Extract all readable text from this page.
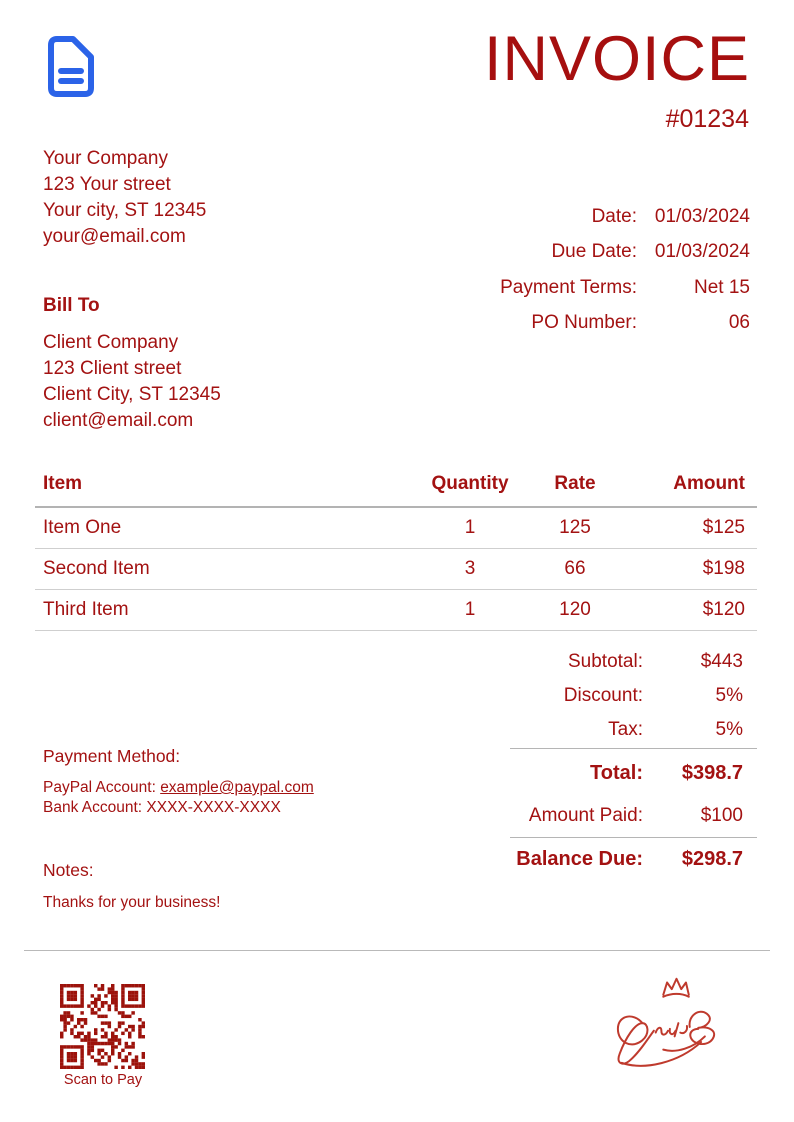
INVOICE
#01234
Your Company
123 Your street
Your city, ST 12345
your@email.com
Bill To
Client Company
123 Client street
Client City, ST 12345
client@email.com
Date: 01/03/2024
Due Date: 01/03/2024
Payment Terms:	Net 15
PO Number:	06
Item	Quantity	Rate	Amount
Item One	1	125	$125
Second Item	3	66	$198
Third Item	1	120	$120
Subtotal:	$443
Discount:	5%
Tax:	5%
Total:	$398.7
Amount Paid:	$100
Balance Due:	$298.7
Payment Method:
PayPal Account: example@paypal.com
Bank Account: XXXX-XXXX-XXXX
Notes:
Thanks for your business!
Scan to Pay
